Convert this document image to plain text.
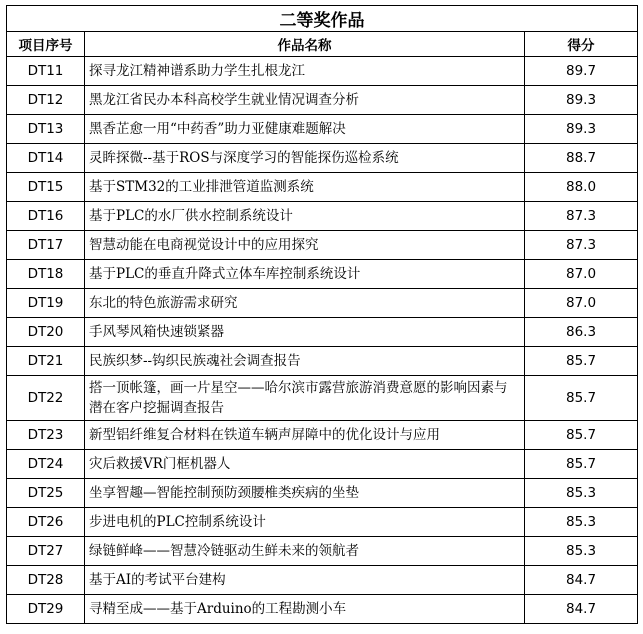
二等奖作品		
项目序号	作品名称	得分
DT11	探寻龙江精神谱系助力学生扎根龙江	89.7
DT12	黑龙江省民办本科高校学生就业情况调查分析	89.3
DT13	黑香芷愈一用“中药香”助力亚健康难题解决	89.3
DT14	灵眸探微--基于ROS与深度学习的智能探伤巡检系统	88.7
DT15	基于STM32的工业排泄管道监测系统	88.0
DT16	基于PLC的水厂供水控制系统设计	87.3
DT17	智慧动能在电商视觉设计中的应用探究	87.3
DT18	基于PLC的垂直升降式立体车库控制系统设计	87.0
DT19	东北的特色旅游需求研究	87.0
DT20	手风琴风箱快速锁紧器	86.3
DT21	民族织梦--钩织民族魂社会调查报告	85.7
DT22	搭一顶帐篷，画一片星空——哈尔滨市露营旅游消费意愿的影响因素与潜在客户挖掘调查报告	85.7
DT23	新型铝纤维复合材料在铁道车辆声屏障中的优化设计与应用	85.7
DT24	灾后救援VR门框机器人	85.7
DT25	坐享智趣—智能控制预防颈腰椎类疾病的坐垫	85.3
DT26	步进电机的PLC控制系统设计	85.3
DT27	绿链鲜峰——智慧冷链驱动生鲜未来的领航者	85.3
DT28	基于AI的考试平台建构	84.7
DT29	寻精至成——基于Arduino的工程勘测小车	84.7
